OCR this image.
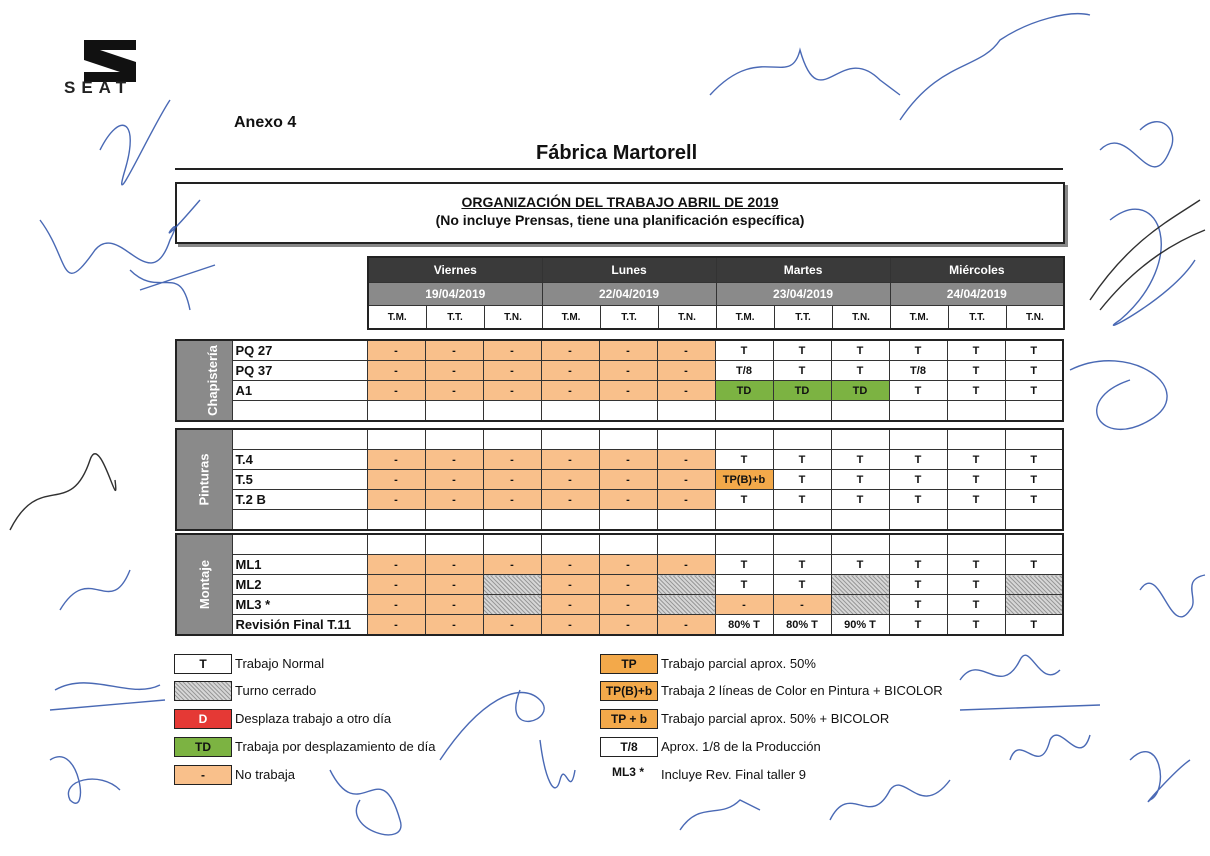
SEAT
Anexo 4
Fábrica Martorell
ORGANIZACIÓN DEL TRABAJO ABRIL DE 2019
(No incluye Prensas, tiene una planificación específica)
Viernes			Lunes			Martes			Miércoles		
19/04/2019			22/04/2019			23/04/2019			24/04/2019		
T.M.	T.T.	T.N.	T.M.	T.T.	T.N.	T.M.	T.T.	T.N.	T.M.	T.T.	T.N.
Chapistería	PQ 27	-	-	-	-	-	-	T	T	T	T	T	T
	PQ 37	-	-	-	-	-	-	T/8	T	T	T/8	T	T
	A1	-	-	-	-	-	-	TD	TD	TD	T	T	T

Pinturas													
	T.4	-	-	-	-	-	-	T	T	T	T	T	T
	T.5	-	-	-	-	-	-	TP(B)+b	T	T	T	T	T
	T.2 B	-	-	-	-	-	-	T	T	T	T	T	T

Montaje													
	ML1	-	-	-	-	-	-	T	T	T	T	T	T
	ML2	-	-		-	-		T	T		T	T	
	ML3 *	-	-		-	-		-	-		T	T	
	Revisión Final T.11	-	-	-	-	-	-	80% T	80% T	90% T	T	T	T
T	Trabajo Normal
Turno cerrado
D	Desplaza trabajo a otro día
TD	Trabaja por desplazamiento de día
-	No trabaja
TP	Trabajo parcial aprox. 50%
TP(B)+b Trabaja 2 líneas de Color en Pintura + BICOLOR
TP + b	Trabajo parcial aprox. 50% + BICOLOR
T/8	Aprox. 1/8 de la Producción
ML3 *	Incluye Rev. Final taller 9
